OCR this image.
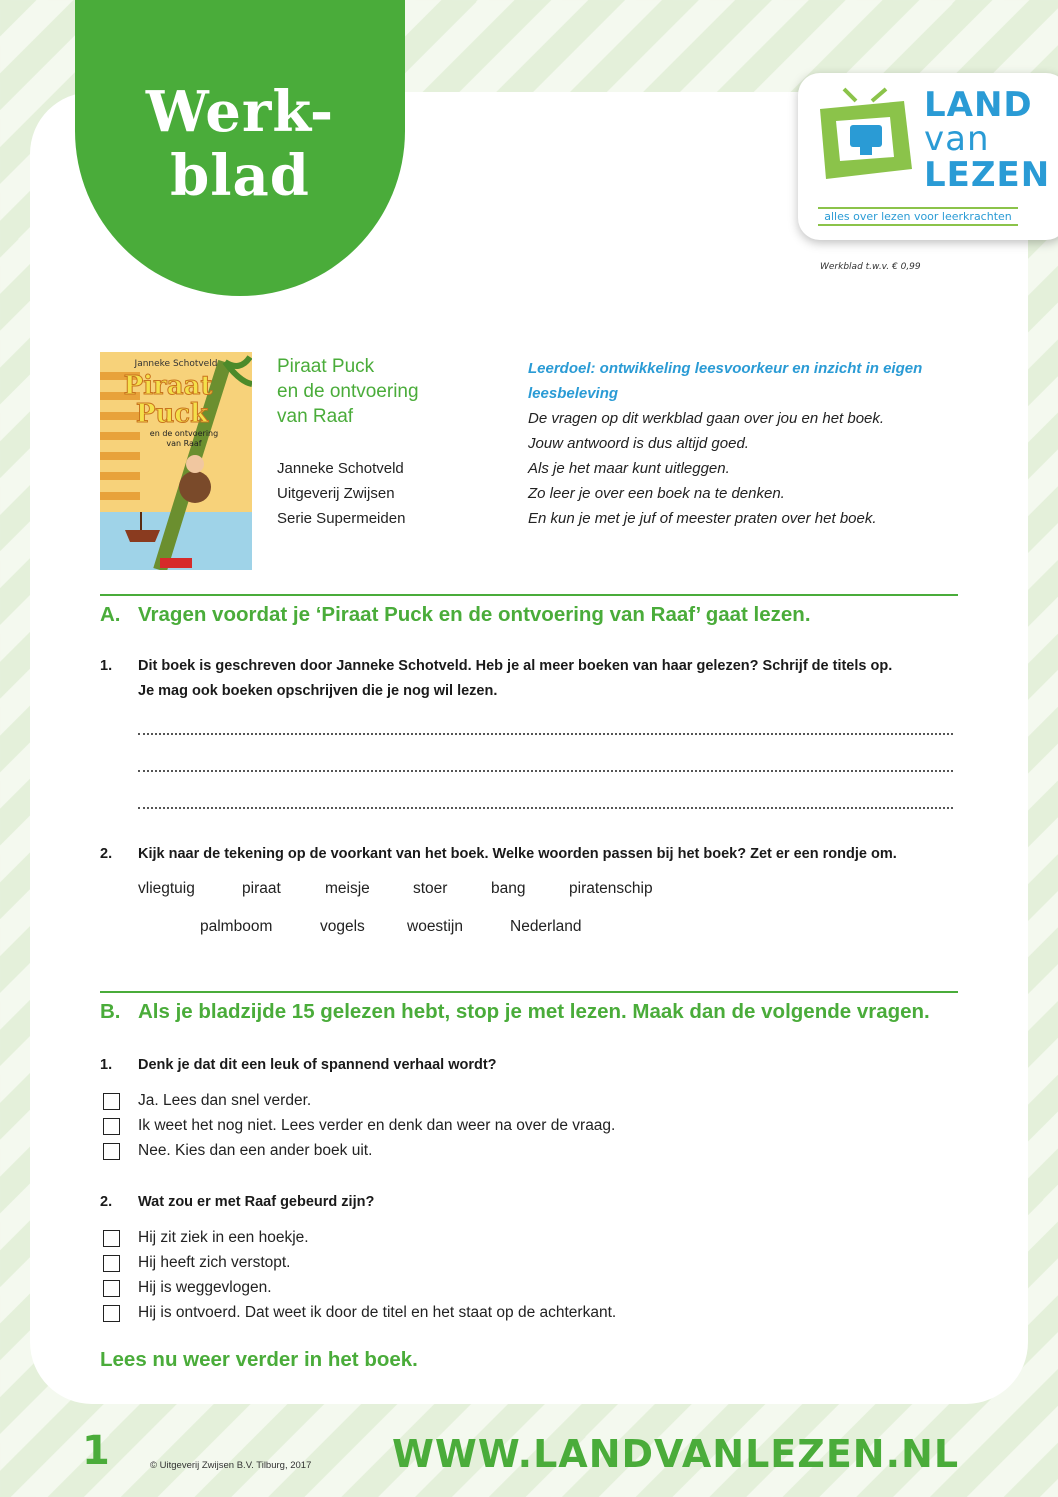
Werk-
blad
LAND
van
LEZEN
alles over lezen voor leerkrachten
Werkblad t.w.v. € 0,99
Janneke Schotveld
Piraat
Puck
en de ontvoering
van Raaf
Piraat Puck
en de ontvoering
van Raaf
Janneke Schotveld
Uitgeverij Zwijsen
Serie Supermeiden
Leerdoel: ontwikkeling leesvoorkeur en inzicht in eigen
leesbeleving
De vragen op dit werkblad gaan over jou en het boek.
Jouw antwoord is dus altijd goed.
Als je het maar kunt uitleggen.
Zo leer je over een boek na te denken.
En kun je met je juf of meester praten over het boek.
A. Vragen voordat je ‘Piraat Puck en de ontvoering van Raaf’ gaat lezen.
1. Dit boek is geschreven door Janneke Schotveld. Heb je al meer boeken van haar gelezen? Schrijf de titels op.
Je mag ook boeken opschrijven die je nog wil lezen.
2. Kijk naar de tekening op de voorkant van het boek. Welke woorden passen bij het boek? Zet er een rondje om.
vliegtuig	piraat	meisje	stoer	bang	piratenschip
palmboom	vogels	woestijn	Nederland
B. Als je bladzijde 15 gelezen hebt, stop je met lezen. Maak dan de volgende vragen.
1. Denk je dat dit een leuk of spannend verhaal wordt?
Ja. Lees dan snel verder.
Ik weet het nog niet. Lees verder en denk dan weer na over de vraag.
Nee. Kies dan een ander boek uit.
2. Wat zou er met Raaf gebeurd zijn?
Hij zit ziek in een hoekje.
Hij heeft zich verstopt.
Hij is weggevlogen.
Hij is ontvoerd. Dat weet ik door de titel en het staat op de achterkant.
Lees nu weer verder in het boek.
1	© Uitgeverij Zwijsen B.V. Tilburg, 2017 WWW.LANDVANLEZEN.NL
